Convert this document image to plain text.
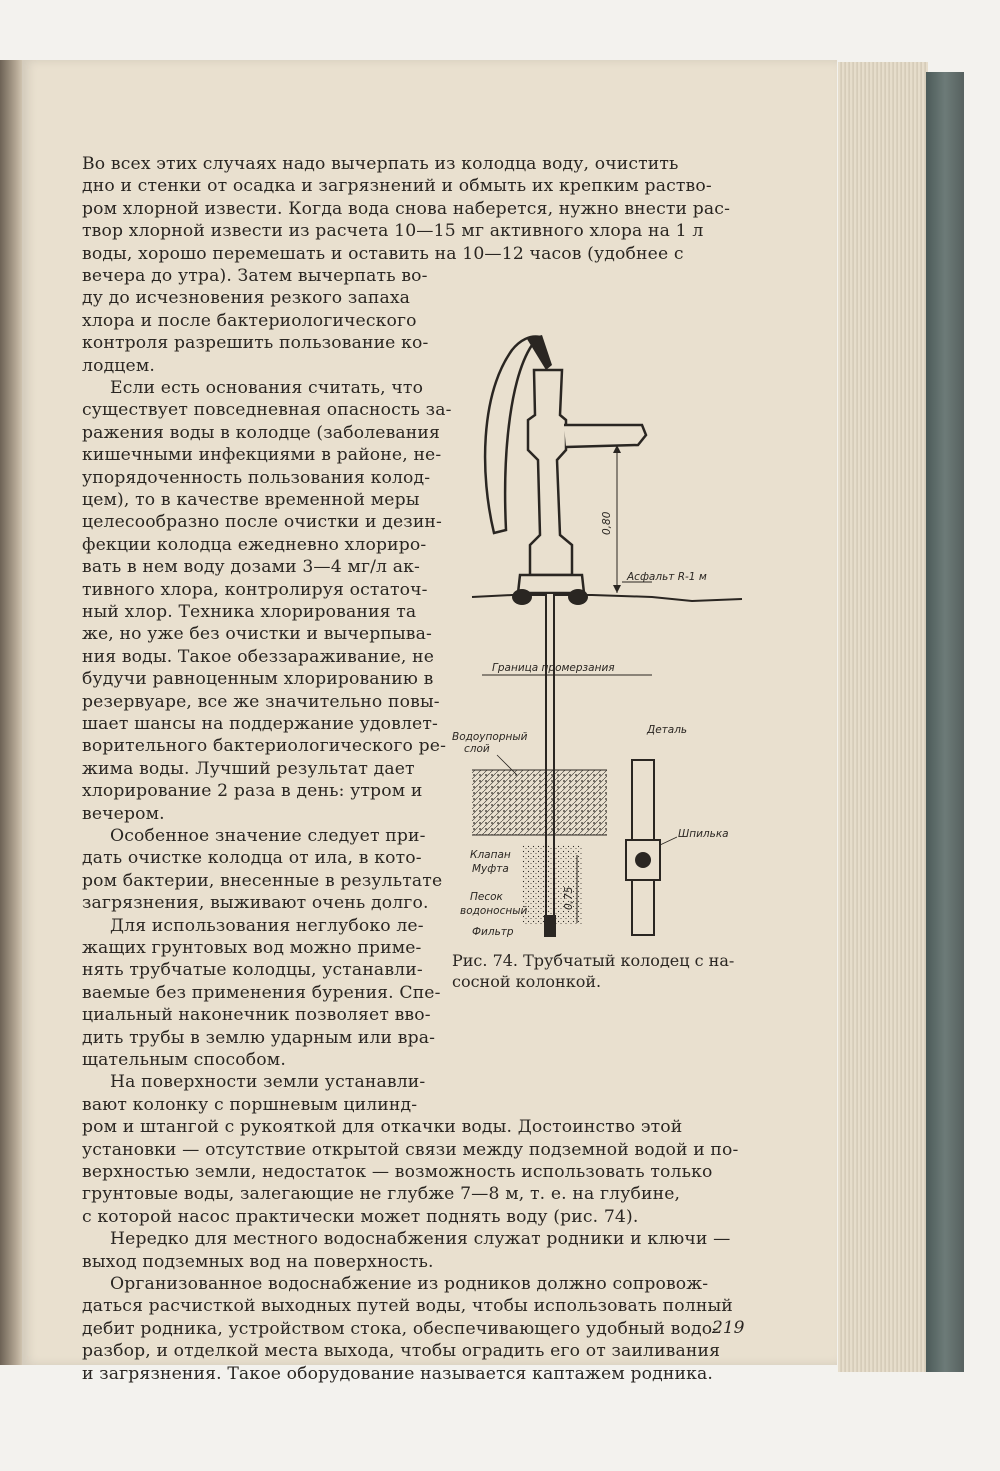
Во всех этих случаях надо вычерпать из колодца воду, очистить
дно и стенки от осадка и загрязнений и обмыть их крепким раство-
ром хлорной извести. Когда вода снова наберется, нужно внести рас-
твор хлорной извести из расчета 10—15 мг активного хлора на 1 л
воды, хорошо перемешать и оставить на 10—12 часов (удобнее с
вечера до утра). Затем вычерпать во-
ду до исчезновения резкого запаха
хлора и после бактериологического
контроля разрешить пользование ко-
лодцем.
Если есть основания считать, что
существует повседневная опасность за-
ражения воды в колодце (заболевания
кишечными инфекциями в районе, не-
упорядоченность пользования колод-
цем), то в качестве временной меры
целесообразно после очистки и дезин-
фекции колодца ежедневно хлориро-
вать в нем воду дозами 3—4 мг/л ак-
тивного хлора, контролируя остаточ-
ный хлор. Техника хлорирования та
же, но уже без очистки и вычерпыва-
ния воды. Такое обеззараживание, не
будучи равноценным хлорированию в
резервуаре, все же значительно повы-
шает шансы на поддержание удовлет-
ворительного бактериологического ре-
жима воды. Лучший результат дает
хлорирование 2 раза в день: утром и
вечером.
Особенное значение следует при-
дать очистке колодца от ила, в кото-
ром бактерии, внесенные в результате
загрязнения, выживают очень долго.
Для использования неглубоко ле-
жащих грунтовых вод можно приме-
нять трубчатые колодцы, устанавли-
ваемые без применения бурения. Спе-
циальный наконечник позволяет вво-
дить трубы в землю ударным или вра-
щательным способом.
На поверхности земли устанавли-
вают колонку с поршневым цилинд-
ром и штангой с рукояткой для откачки воды. Достоинство этой
установки — отсутствие открытой связи между подземной водой и по-
верхностью земли, недостаток — возможность использовать только
грунтовые воды, залегающие не глубже 7—8 м, т. е. на глубине,
с которой насос практически может поднять воду (рис. 74).
Нередко для местного водоснабжения служат родники и ключи —
выход подземных вод на поверхность.
Организованное водоснабжение из родников должно сопровож-
даться расчисткой выходных путей воды, чтобы использовать полный
дебит родника, устройством стока, обеспечивающего удобный водо-
разбор, и отделкой места выхода, чтобы оградить его от заиливания
и загрязнения. Такое оборудование называется каптажем родника.
0,80
Асфальт R-1 м
Граница промерзания
Водоупорный
слой
Клапан
Муфта
Песок
водоносный
0,75
Фильтр
Деталь
Шпилька
Рис. 74. Трубчатый колодец с на-
сосной колонкой.
219
